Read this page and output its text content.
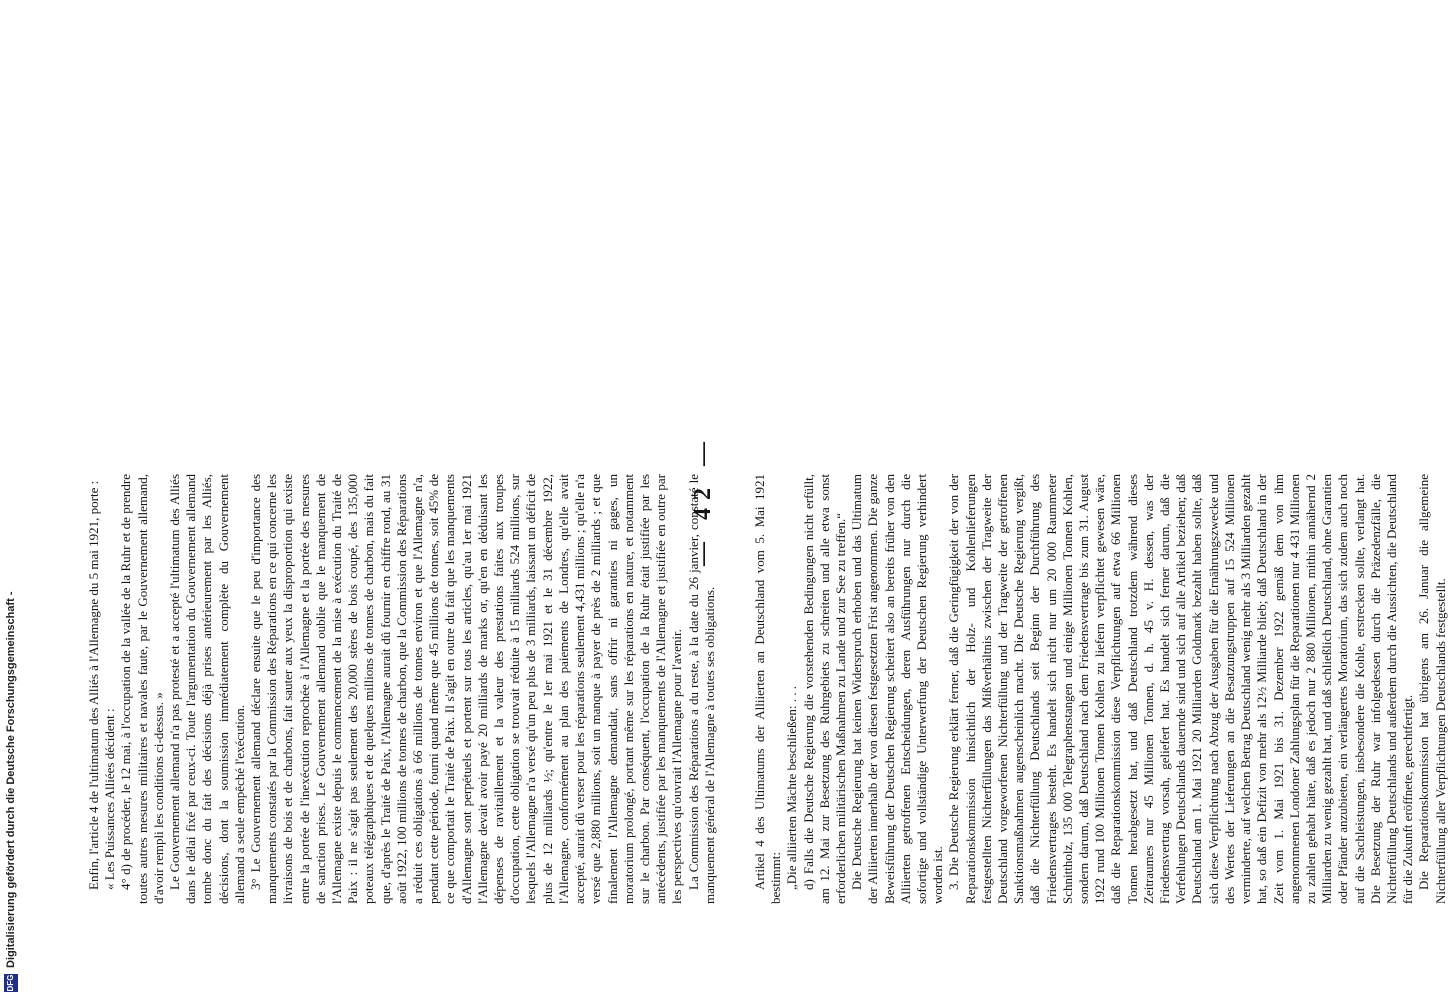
Artikel 4 des Ultimatums der Alliierten an Deutschland vom 5. Mai 1921 bestimmt: „Die alliierten Mächte beschließen: . . . d) Falls die Deutsche Regierung die vorstehenden Bedingungen nicht erfüllt, am 12. Mai zur Besetzung des Ruhrgebiets zu schreiten und alle etwa sonst erforderlichen militärischen Maßnahmen zu Lande und zur See zu treffen.“ Die Deutsche Regierung hat keinen Widerspruch erhoben und das Ultimatum der Alliierten innerhalb der von diesen festgesetzten Frist angenommen. Die ganze Beweisführung der Deutschen Regierung scheitert also an bereits früher von den Alliierten getroffenen Entscheidungen, deren Ausführungen nur durch die sofortige und vollständige Unterwerfung der Deutschen Regierung verhindert worden ist. 3. Die Deutsche Regierung erklärt ferner, daß die Geringfügigkeit der von der Reparationskommission hinsichtlich der Holz- und Kohlenlieferungen festgestellten Nichterfüllungen das Mißverhältnis zwischen der Tragweite der Deutschland vorgeworfenen Nichterfüllung und der Tragweite der getroffenen Sanktionsmaßnahmen augenscheinlich macht. Die Deutsche Regierung vergißt, daß die Nichterfüllung Deutschlands seit Beginn der Durchführung des Friedensvertrages besteht. Es handelt sich nicht nur um 20 000 Raummeter Schnittholz, 135 000 Telegraphenstangen und einige Millionen Tonnen Kohlen, sondern darum, daß Deutschland nach dem Friedensvertrage bis zum 31. August 1922 rund 100 Millionen Tonnen Kohlen zu liefern verpflichtet gewesen wäre, daß die Reparationskommission diese Verpflichtungen auf etwa 66 Millionen Tonnen herabgesetzt hat, und daß Deutschland trotzdem während dieses Zeitraumes nur 45 Millionen Tonnen, d. h. 45 v. H. dessen, was der Friedensvertrag vorsah, geliefert hat. Es handelt sich ferner darum, daß die Verfehlungen Deutschlands dauernde sind und sich auf alle Artikel beziehen; daß Deutschland am 1. Mai 1921 20 Milliarden Goldmark bezahlt haben sollte, daß sich diese Verpflichtung nach Abzug der Ausgaben für die Ernährungszwecke und des Wertes der Lieferungen an die Besatzungstruppen auf 15 524 Millionen verminderte, auf welchen Betrag Deutschland wenig mehr als 3 Milliarden gezahlt hat, so daß ein Defizit von mehr als 12½ Milliarde blieb; daß Deutschland in der Zeit vom 1. Mai 1921 bis 31. Dezember 1922 gemäß dem von ihm angenommenen Londoner Zahlungsplan für die Reparationen nur 4 431 Millionen zu zahlen gehabt hätte, daß es jedoch nur 2 880 Millionen, mithin annähernd 2 Milliarden zu wenig gezahlt hat, und daß schließlich Deutschland, ohne Garantien oder Pfänder anzubieten, ein verlängertes Moratorium, das sich zudem auch noch auf die Sachleistungen, insbesondere die Kohle, erstrecken sollte, verlangt hat. Die Besetzung der Ruhr war infolgedessen durch die Präzedenzfälle, die Nichterfüllung Deutschlands und außerdem durch die Aussichten, die Deutschland für die Zukunft eröffnete, gerechtfertigt. Die Reparationskommission hat übrigens am 26. Januar die allgemeine Nichterfüllung aller Verpflichtungen Deutschlands festgestellt.

Enfin, l'article 4 de l'ultimatum des Alliés à l'Allemagne du 5 mai 1921, porte : « Les Puissances Alliées décident : 4° d) de procéder, le 12 mai, à l'occupation de la vallée de la Ruhr et de prendre toutes autres mesures militaires et navales faute, par le Gouvernement allemand, d'avoir rempli les conditions ci-dessus. » Le Gouvernement allemand n'a pas protesté et a accepté l'ultimatum des Alliés dans le délai fixé par ceux-ci. Toute l'argumentation du Gouvernement allemand tombe donc du fait des décisions déjà prises antérieurement par les Alliés, décisions, dont la soumission immédiatement complète du Gouvernement allemand a seule empêché l'exécution. 3° Le Gouvernement allemand déclare ensuite que le peu d'importance des manquements constatés par la Commission des Réparations en ce qui concerne les livraisons de bois et de charbons, fait sauter aux yeux la disproportion qui existe entre la portée de l'inexécution reprochée à l'Allemagne et la portée des mesures de sanction prises. Le Gouvernement allemand oublie que le manquement de l'Allemagne existe depuis le commencement de la mise à exécution du Traité de Paix : il ne s'agit pas seulement des 20,000 stères de bois coupé, des 135,000 poteaux télégraphiques et de quelques millions de tonnes de charbon, mais du fait que, d'après le Traité de Paix, l'Allemagne aurait dû fournir en chiffre rond, au 31 août 1922, 100 millions de tonnes de charbon, que la Commission des Réparations a réduit ces obligations à 66 millions de tonnes environ et que l'Allemagne n'a, pendant cette période, fourni quand même que 45 millions de tonnes, soit 45% de ce que comportait le Traité de Paix. Il s'agit en outre du fait que les manquements d'Allemagne sont perpétuels et portent sur tous les articles, qu'au 1er mai 1921 l'Allemagne devait avoir payé 20 milliards de marks or, qu'en en déduisant les dépenses de ravitaillement et la valeur des prestations faites aux troupes d'occupation, cette obligation se trouvait réduite à 15 milliards 524 millions, sur lesquels l'Allemagne n'a versé qu'un peu plus de 3 milliards, laissant un déficit de plus de 12 milliards ½; qu'entre le 1er mai 1921 et le 31 décembre 1922, l'Allemagne, conformément au plan des paiements de Londres, qu'elle avait accepté, aurait dû verser pour les réparations seulement 4,431 millions ; qu'elle n'a versé que 2,880 millions, soit un manque à payer de près de 2 milliards ; et que finalement l'Allemagne demandait, sans offrir ni garanties ni gages, un moratorium prolongé, portant même sur les réparations en nature, et notamment sur le charbon. Par conséquent, l'occupation de la Ruhr était justifiée par les antécédents, justifiée par les manquements de l'Allemagne et justifiée en outre par les perspectives qu'ouvrait l'Allemagne pour l'avenir. La Commission des Réparations a du reste, à la date du 26 janvier, constaté le manquement général de l'Allemagne à toutes ses obligations.

— 42 —
DFG
Digitalisierung gefördert durch die Deutsche Forschungsgemeinschaft -
